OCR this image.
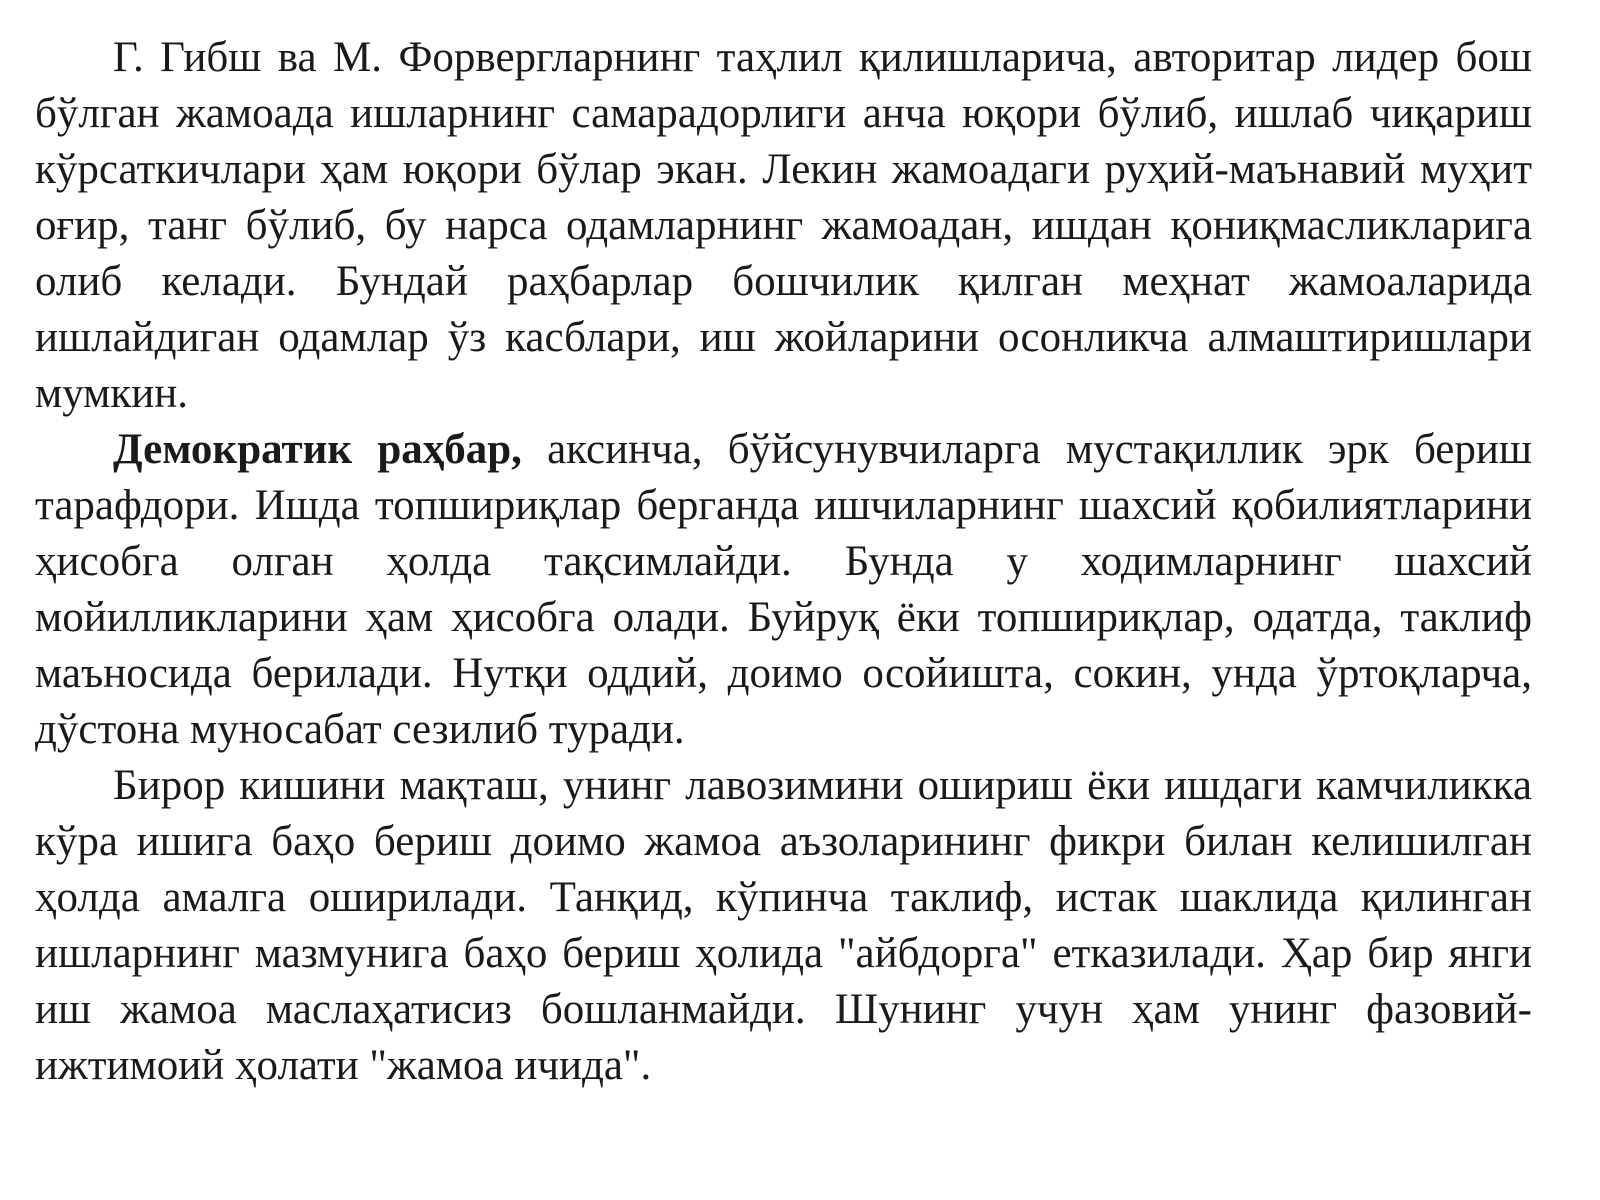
Г. Гибш ва М. Форвергларнинг таҳлил қилишларича, авторитар лидер бош бўлган жамоада ишларнинг самарадорлиги анча юқори бўлиб, ишлаб чиқариш кўрсаткичлари ҳам юқори бўлар экан. Лекин жамоадаги руҳий-маънавий муҳит оғир, танг бўлиб, бу нарса одамларнинг жамоадан, ишдан қониқмасликларига олиб келади. Бундай раҳбарлар бошчилик қилган меҳнат жамоаларида ишлайдиган одамлар ўз касблари, иш жойларини осонликча алмаштиришлари мумкин.

Демократик раҳбар, аксинча, бўйсунувчиларга мустақиллик эрк бериш тарафдори. Ишда топшириқлар берганда ишчиларнинг шахсий қобилиятларини ҳисобга олган ҳолда тақсимлайди. Бунда у ходимларнинг шахсий мойилликларини ҳам ҳисобга олади. Буйруқ ёки топшириқлар, одатда, таклиф маъносида берилади. Нутқи оддий, доимо осойишта, сокин, унда ўртоқларча, дўстона муносабат сезилиб туради.

Бирор кишини мақташ, унинг лавозимини ошириш ёки ишдаги камчиликка кўра ишига баҳо бериш доимо жамоа аъзоларининг фикри билан келишилган ҳолда амалга оширилади. Танқид, кўпинча таклиф, истак шаклида қилинган ишларнинг мазмунига баҳо бериш ҳолида "айбдорга" етказилади. Ҳар бир янги иш жамоа маслаҳатисиз бошланмайди. Шунинг учун ҳам унинг фазовий-ижтимоий ҳолати "жамоа ичида".
